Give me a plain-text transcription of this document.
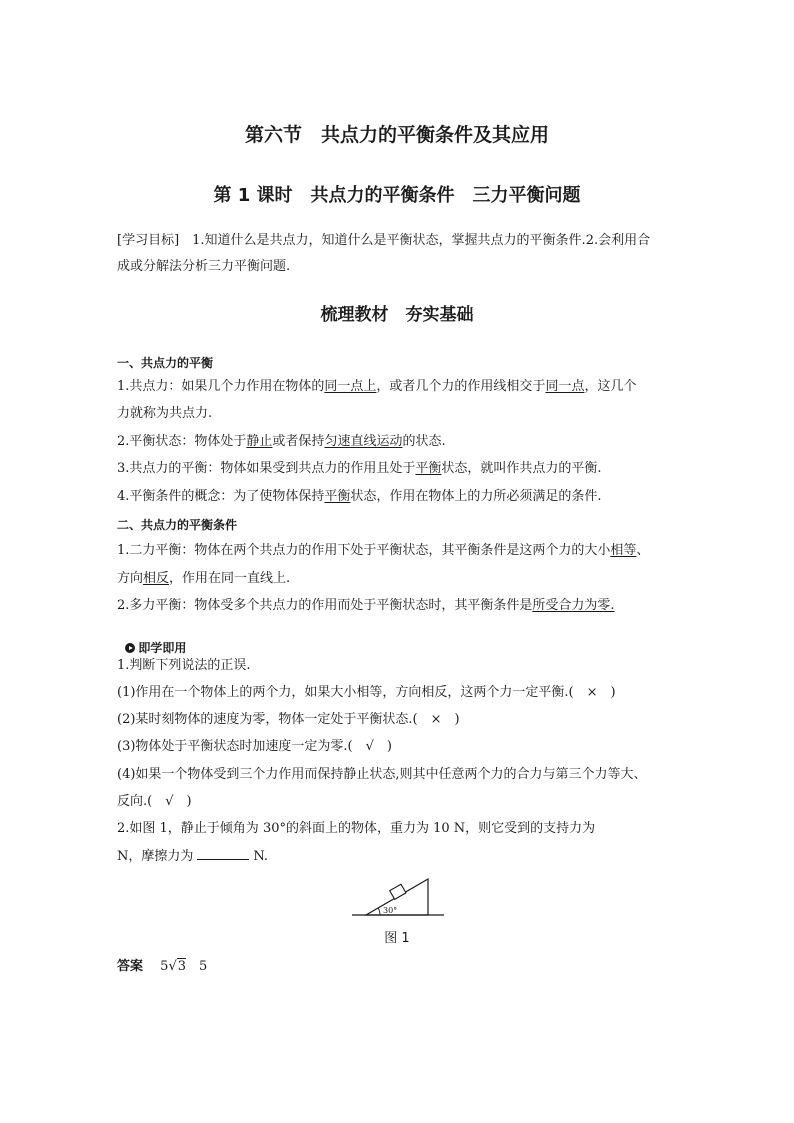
第六节　共点力的平衡条件及其应用
第 1 课时　共点力的平衡条件　三力平衡问题
[学习目标]　1.知道什么是共点力，知道什么是平衡状态，掌握共点力的平衡条件.2.会利用合
成或分解法分析三力平衡问题.
梳理教材　夯实基础
一、共点力的平衡
1.共点力：如果几个力作用在物体的同一点上，或者几个力的作用线相交于同一点，这几个
力就称为共点力.
2.平衡状态：物体处于静止或者保持匀速直线运动的状态.
3.共点力的平衡：物体如果受到共点力的作用且处于平衡状态，就叫作共点力的平衡.
4.平衡条件的概念：为了使物体保持平衡状态，作用在物体上的力所必须满足的条件.
二、共点力的平衡条件
1.二力平衡：物体在两个共点力的作用下处于平衡状态，其平衡条件是这两个力的大小相等、
方向相反，作用在同一直线上.
2.多力平衡：物体受多个共点力的作用而处于平衡状态时，其平衡条件是所受合力为零.

即学即用

1.判断下列说法的正误.
(1)作用在一个物体上的两个力，如果大小相等，方向相反，这两个力一定平衡.(　×　)
(2)某时刻物体的速度为零，物体一定处于平衡状态.(　×　)
(3)物体处于平衡状态时加速度一定为零.(　√　)
(4)如果一个物体受到三个力作用而保持静止状态,则其中任意两个力的合力与第三个力等大、
反向.(　√　)
2.如图 1，静止于倾角为 30°的斜面上的物体，重力为 10 N，则它受到的支持力为
N，摩擦力为	N.
30°
图 1
答案　 5√3　 5
